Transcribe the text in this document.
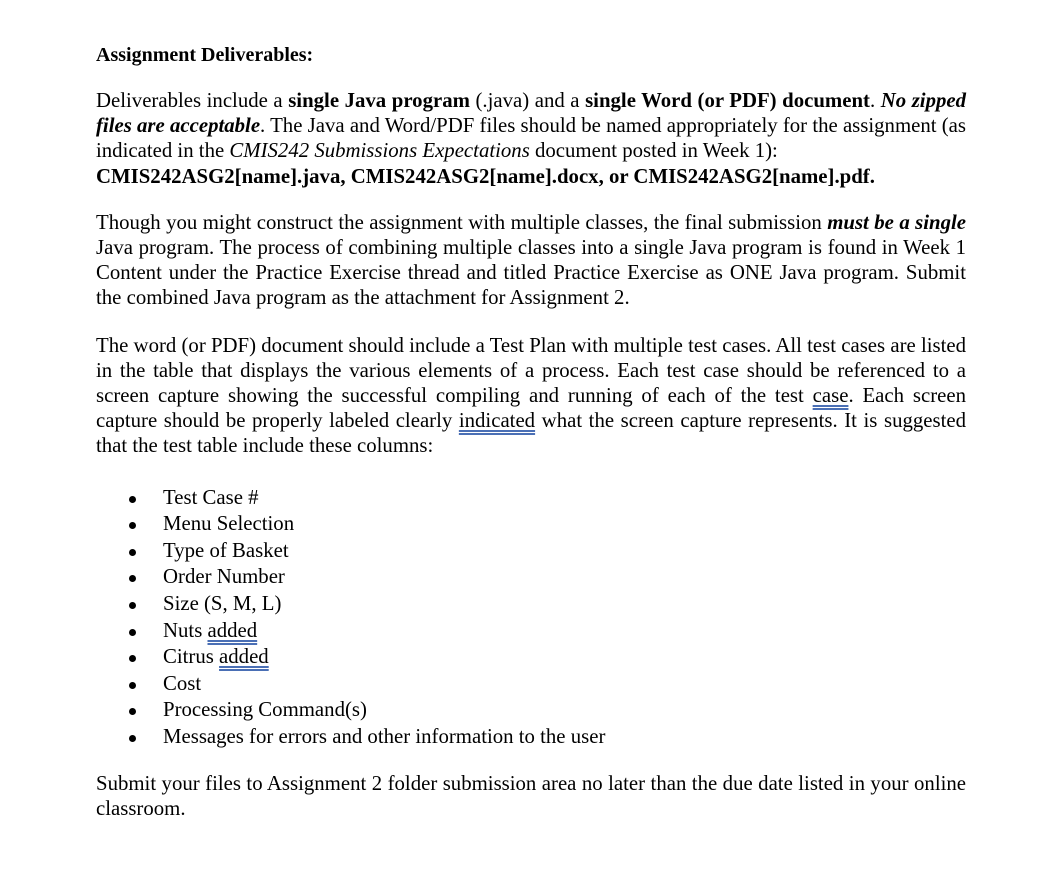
Assignment Deliverables:

Deliverables include a single Java program (.java) and a single Word (or PDF) document. No zipped files are acceptable. The Java and Word/PDF files should be named appropriately for the assignment (as indicated in the CMIS242 Submissions Expectations document posted in Week 1):
CMIS242ASG2[name].java, CMIS242ASG2[name].docx, or CMIS242ASG2[name].pdf.

Though you might construct the assignment with multiple classes, the final submission must be a single Java program. The process of combining multiple classes into a single Java program is found in Week 1 Content under the Practice Exercise thread and titled Practice Exercise as ONE Java program. Submit the combined Java program as the attachment for Assignment 2.

The word (or PDF) document should include a Test Plan with multiple test cases. All test cases are listed in the table that displays the various elements of a process. Each test case should be referenced to a screen capture showing the successful compiling and running of each of the test case. Each screen capture should be properly labeled clearly indicated what the screen capture represents. It is suggested that the test table include these columns:

Test Case #
Menu Selection
Type of Basket
Order Number
Size (S, M, L)
Nuts added
Citrus added
Cost
Processing Command(s)
Messages for errors and other information to the user

Submit your files to Assignment 2 folder submission area no later than the due date listed in your online classroom.
